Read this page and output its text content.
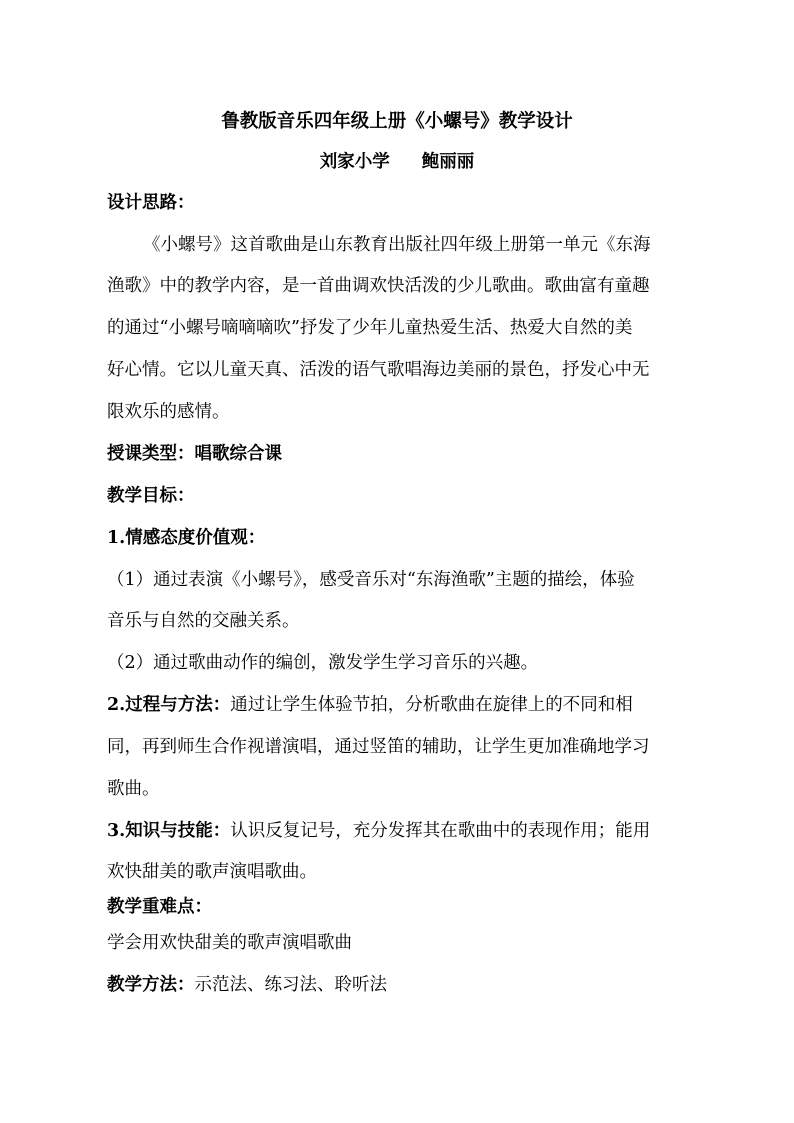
鲁教版音乐四年级上册《小螺号》教学设计
刘家小学 鲍丽丽
设计思路：
《小螺号》这首歌曲是山东教育出版社四年级上册第一单元《东海
渔歌》中的教学内容，是一首曲调欢快活泼的少儿歌曲。歌曲富有童趣
的通过“小螺号嘀嘀嘀吹”抒发了少年儿童热爱生活、热爱大自然的美
好心情。它以儿童天真、活泼的语气歌唱海边美丽的景色，抒发心中无
限欢乐的感情。
授课类型：唱歌综合课
教学目标：
1.情感态度价值观：
（1）通过表演《小螺号》，感受音乐对“东海渔歌”主题的描绘，体验
音乐与自然的交融关系。
（2）通过歌曲动作的编创，激发学生学习音乐的兴趣。
2.过程与方法：通过让学生体验节拍，分析歌曲在旋律上的不同和相
同，再到师生合作视谱演唱，通过竖笛的辅助，让学生更加准确地学习
歌曲。
3.知识与技能：认识反复记号，充分发挥其在歌曲中的表现作用；能用
欢快甜美的歌声演唱歌曲。
教学重难点：
学会用欢快甜美的歌声演唱歌曲
教学方法：示范法、练习法、聆听法
